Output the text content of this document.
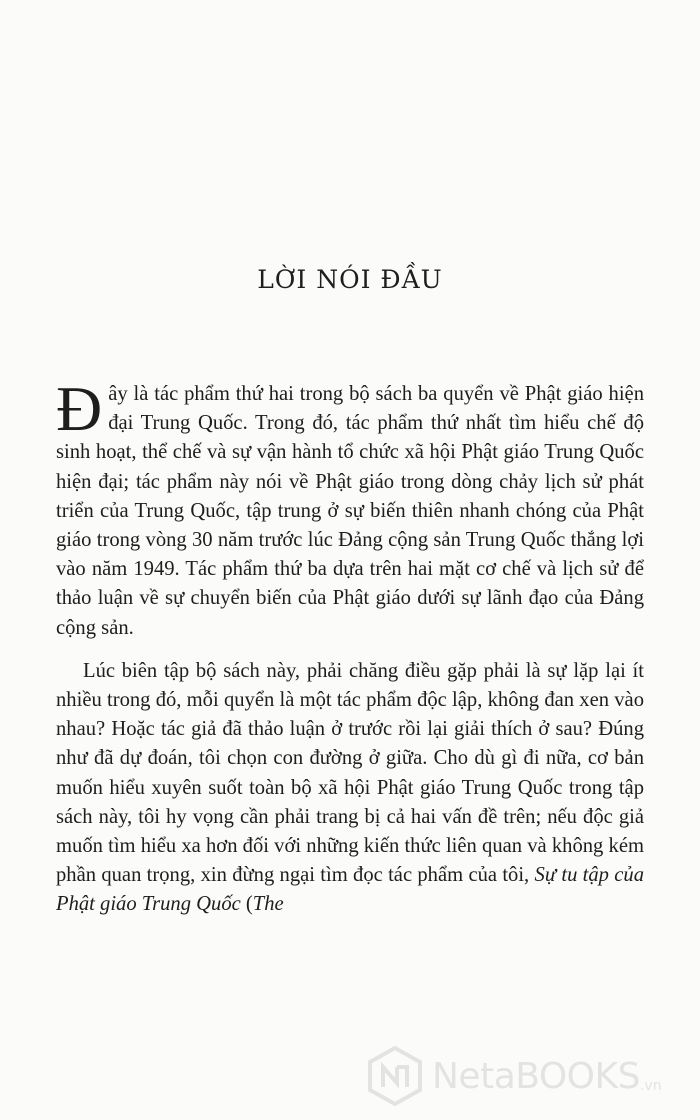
LỜI NÓI ĐẦU

Đây là tác phẩm thứ hai trong bộ sách ba quyển về Phật giáo hiện đại Trung Quốc. Trong đó, tác phẩm thứ nhất tìm hiểu chế độ sinh hoạt, thể chế và sự vận hành tổ chức xã hội Phật giáo Trung Quốc hiện đại; tác phẩm này nói về Phật giáo trong dòng chảy lịch sử phát triển của Trung Quốc, tập trung ở sự biến thiên nhanh chóng của Phật giáo trong vòng 30 năm trước lúc Đảng cộng sản Trung Quốc thắng lợi vào năm 1949. Tác phẩm thứ ba dựa trên hai mặt cơ chế và lịch sử để thảo luận về sự chuyển biến của Phật giáo dưới sự lãnh đạo của Đảng cộng sản.

Lúc biên tập bộ sách này, phải chăng điều gặp phải là sự lặp lại ít nhiều trong đó, mỗi quyển là một tác phẩm độc lập, không đan xen vào nhau? Hoặc tác giả đã thảo luận ở trước rồi lại giải thích ở sau? Đúng như đã dự đoán, tôi chọn con đường ở giữa. Cho dù gì đi nữa, cơ bản muốn hiểu xuyên suốt toàn bộ xã hội Phật giáo Trung Quốc trong tập sách này, tôi hy vọng cần phải trang bị cả hai vấn đề trên; nếu độc giả muốn tìm hiểu xa hơn đối với những kiến thức liên quan và không kém phần quan trọng, xin đừng ngại tìm đọc tác phẩm của tôi, Sự tu tập của Phật giáo Trung Quốc (The

NetaBOOKS .vn
